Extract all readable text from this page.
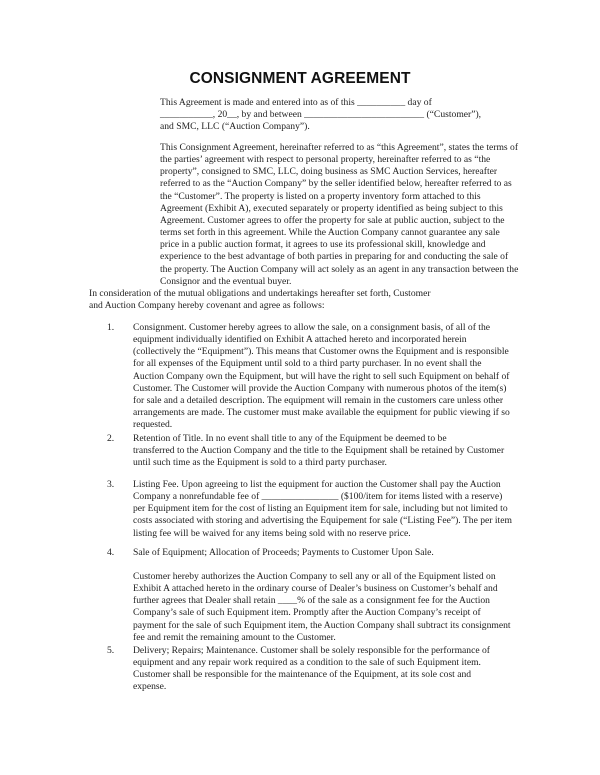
CONSIGNMENT AGREEMENT

This Agreement is made and entered into as of this __________ day of
___________, 20__, by and between _________________________ (“Customer”),
and SMC, LLC (“Auction Company”).

This Consignment Agreement, hereinafter referred to as “this Agreement”, states the terms of
the parties’ agreement with respect to personal property, hereinafter referred to as “the
property”, consigned to SMC, LLC, doing business as SMC Auction Services, hereafter
referred to as the “Auction Company” by the seller identified below, hereafter referred to as
the “Customer”. The property is listed on a property inventory form attached to this
Agreement (Exhibit A), executed separately or property identified as being subject to this
Agreement. Customer agrees to offer the property for sale at public auction, subject to the
terms set forth in this agreement. While the Auction Company cannot guarantee any sale
price in a public auction format, it agrees to use its professional skill, knowledge and
experience to the best advantage of both parties in preparing for and conducting the sale of
the property. The Auction Company will act solely as an agent in any transaction between the
Consignor and the eventual buyer.

In consideration of the mutual obligations and undertakings hereafter set forth, Customer
and Auction Company hereby covenant and agree as follows:

1. Consignment. Customer hereby agrees to allow the sale, on a consignment basis, of all of the
equipment individually identified on Exhibit A attached hereto and incorporated herein
(collectively the “Equipment”). This means that Customer owns the Equipment and is responsible
for all expenses of the Equipment until sold to a third party purchaser. In no event shall the
Auction Company own the Equipment, but will have the right to sell such Equipment on behalf of
Customer. The Customer will provide the Auction Company with numerous photos of the item(s)
for sale and a detailed description. The equipment will remain in the customers care unless other
arrangements are made. The customer must make available the equipment for public viewing if so
requested.
2. Retention of Title. In no event shall title to any of the Equipment be deemed to be
transferred to the Auction Company and the title to the Equipment shall be retained by Customer
until such time as the Equipment is sold to a third party purchaser.
3. Listing Fee. Upon agreeing to list the equipment for auction the Customer shall pay the Auction
Company a nonrefundable fee of ________________ ($100/item for items listed with a reserve)
per Equipment item for the cost of listing an Equipment item for sale, including but not limited to
costs associated with storing and advertising the Equipement for sale (“Listing Fee”). The per item
listing fee will be waived for any items being sold with no reserve price.
4. Sale of Equipment; Allocation of Proceeds; Payments to Customer Upon Sale.
Customer hereby authorizes the Auction Company to sell any or all of the Equipment listed on
Exhibit A attached hereto in the ordinary course of Dealer’s business on Customer’s behalf and
further agrees that Dealer shall retain ____% of the sale as a consignment fee for the Auction
Company’s sale of such Equipment item. Promptly after the Auction Company’s receipt of
payment for the sale of such Equipment item, the Auction Company shall subtract its consignment
fee and remit the remaining amount to the Customer.
5. Delivery; Repairs; Maintenance. Customer shall be solely responsible for the performance of
equipment and any repair work required as a condition to the sale of such Equipment item.
Customer shall be responsible for the maintenance of the Equipment, at its sole cost and
expense.
